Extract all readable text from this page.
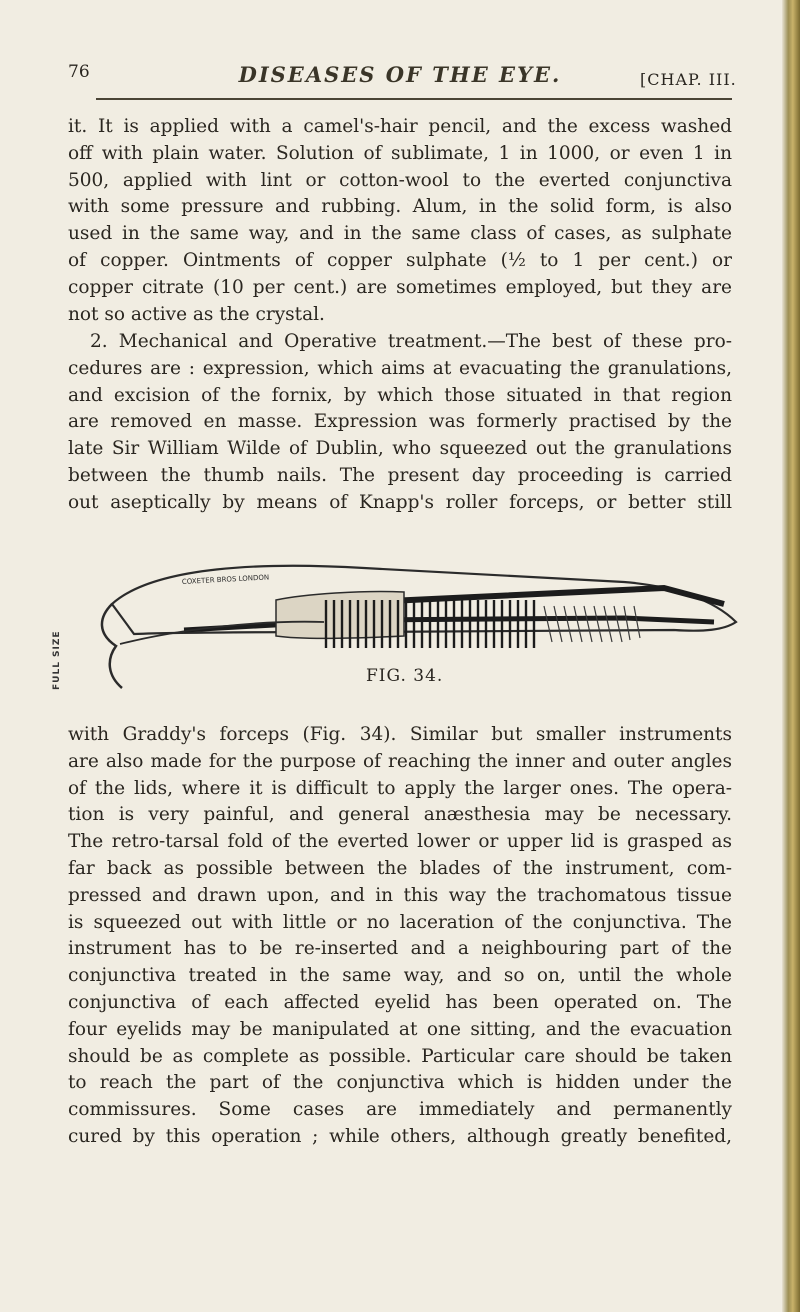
76	DISEASES OF THE EYE.	[CHAP. III.
it. It is applied with a camel's-hair pencil, and the excess washed
off with plain water. Solution of sublimate, 1 in 1000, or even 1 in
500, applied with lint or cotton-wool to the everted conjunctiva
with some pressure and rubbing. Alum, in the solid form, is also
used in the same way, and in the same class of cases, as sulphate
of copper. Ointments of copper sulphate (½ to 1 per cent.) or
copper citrate (10 per cent.) are sometimes employed, but they are
not so active as the crystal.
2. Mechanical and Operative treatment.—The best of these pro-
cedures are : expression, which aims at evacuating the granulations,
and excision of the fornix, by which those situated in that region
are removed en masse. Expression was formerly practised by the
late Sir William Wilde of Dublin, who squeezed out the granulations
between the thumb nails. The present day proceeding is carried
out aseptically by means of Knapp's roller forceps, or better still
COXETER BROS LONDON
FULL SIZE	FIG. 34.
with Graddy's forceps (Fig. 34). Similar but smaller instruments
are also made for the purpose of reaching the inner and outer angles
of the lids, where it is difficult to apply the larger ones. The opera-
tion is very painful, and general anæsthesia may be necessary.
The retro-tarsal fold of the everted lower or upper lid is grasped as
far back as possible between the blades of the instrument, com-
pressed and drawn upon, and in this way the trachomatous tissue
is squeezed out with little or no laceration of the conjunctiva. The
instrument has to be re-inserted and a neighbouring part of the
conjunctiva treated in the same way, and so on, until the whole
conjunctiva of each affected eyelid has been operated on. The
four eyelids may be manipulated at one sitting, and the evacuation
should be as complete as possible. Particular care should be taken
to reach the part of the conjunctiva which is hidden under the
commissures. Some cases are immediately and permanently
cured by this operation ; while others, although greatly benefited,
